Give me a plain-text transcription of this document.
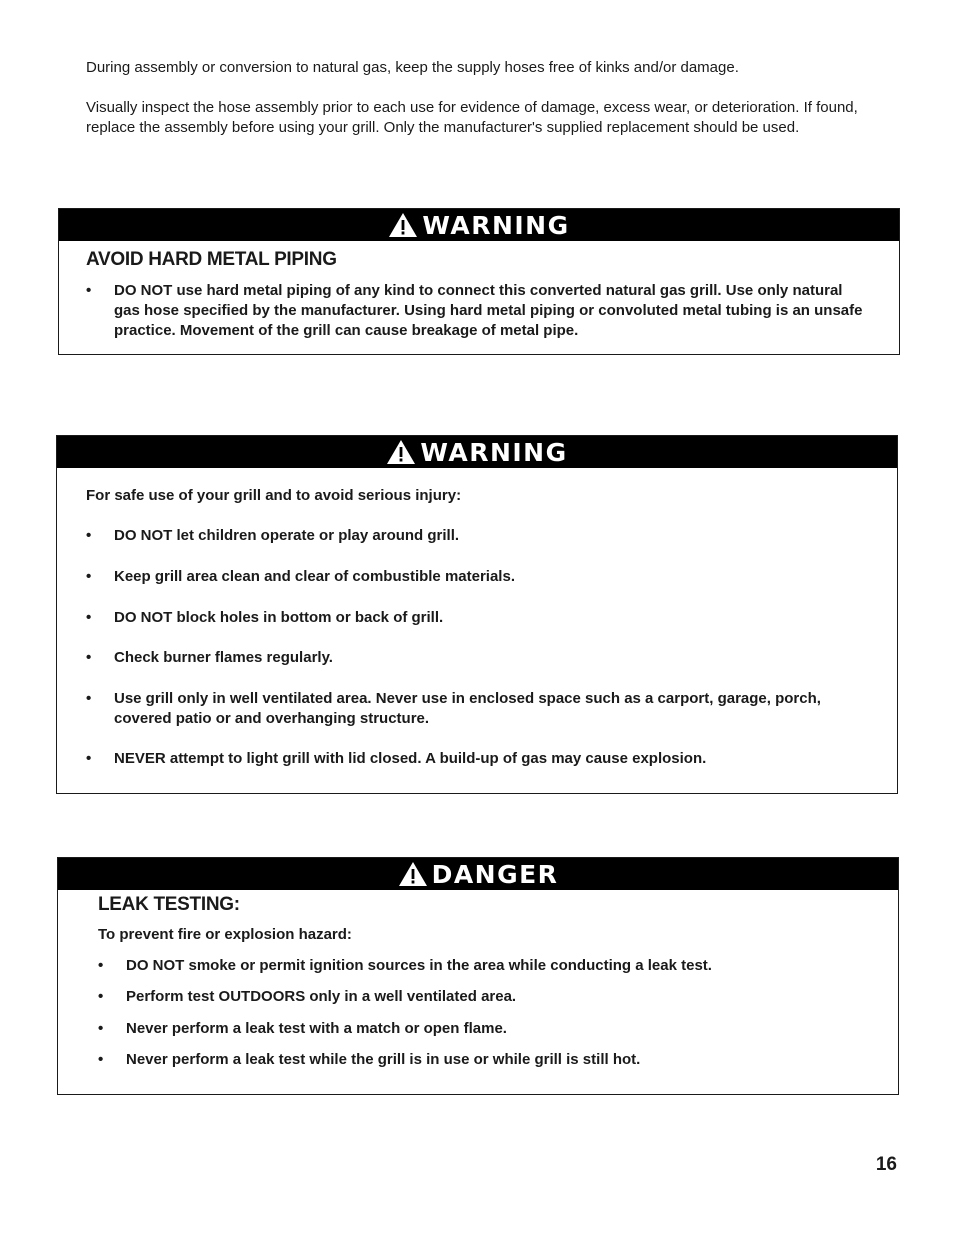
During assembly or conversion to natural gas, keep the supply hoses free of kinks and/or damage.
Visually inspect the hose assembly prior to each use for evidence of damage, excess wear, or deterioration. If found, replace the assembly before using your grill. Only the manufacturer's supplied replacement should be used.
WARNING
AVOID HARD METAL PIPING
• DO NOT use hard metal piping of any kind to connect this converted natural gas grill. Use only natural gas hose specified by the manufacturer. Using hard metal piping or convoluted metal tubing is an unsafe practice. Movement of the grill can cause breakage of metal pipe.
WARNING
For safe use of your grill and to avoid serious injury:
• DO NOT let children operate or play around grill.
• Keep grill area clean and clear of combustible materials.
• DO NOT block holes in bottom or back of grill.
• Check burner flames regularly.
• Use grill only in well ventilated area. Never use in enclosed space such as a carport, garage, porch, covered patio or and overhanging structure.
• NEVER attempt to light grill with lid closed. A build-up of gas may cause explosion.
DANGER
LEAK TESTING:
To prevent fire or explosion hazard:
• DO NOT smoke or permit ignition sources in the area while conducting a leak test.
• Perform test OUTDOORS only in a well ventilated area.
• Never perform a leak test with a match or open flame.
• Never perform a leak test while the grill is in use or while grill is still hot.
16
